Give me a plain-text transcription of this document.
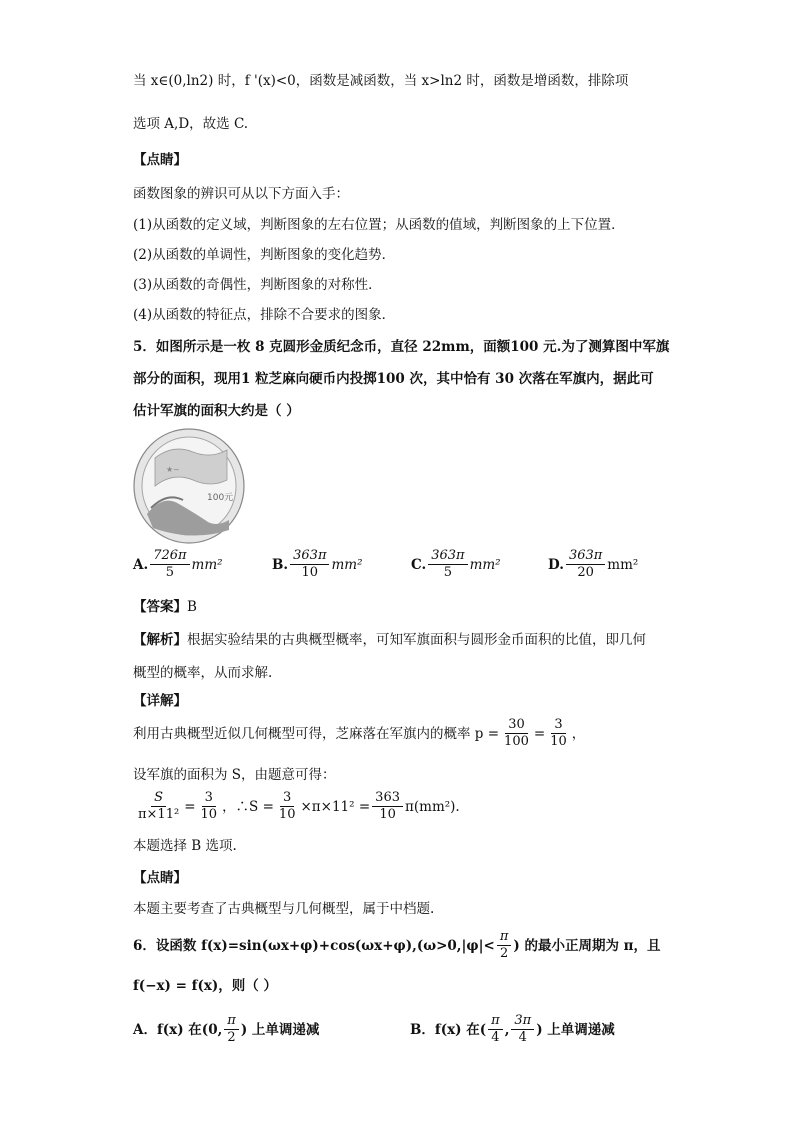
当 x∈(0,ln2) 时，f '(x)<0，函数是减函数，当 x>ln2 时，函数是增函数，排除项
选项 A,D，故选 C.
【点睛】
函数图象的辨识可从以下方面入手：
(1)从函数的定义域，判断图象的左右位置；从函数的值域，判断图象的上下位置．
(2)从函数的单调性，判断图象的变化趋势．
(3)从函数的奇偶性，判断图象的对称性．
(4)从函数的特征点，排除不合要求的图象．
5．如图所示是一枚 8 克圆形金质纪念币，直径 22mm，面额100 元.为了测算图中军旗
部分的面积，现用1 粒芝麻向硬币内投掷100 次，其中恰有 30 次落在军旗内，据此可
估计军旗的面积大约是（ ）
★~
100元
A. $\frac{726\pi}{5} mm^2$	B. $\frac{363\pi}{10} mm^2$	C. $\frac{363\pi}{5} mm^2$	D. $\frac{363\pi}{20} mm^2$
【答案】B
【解析】根据实验结果的古典概型概率，可知军旗面积与圆形金币面积的比值，即几何
概型的概率，从而求解.
【详解】
利用古典概型近似几何概型可得，芝麻落在军旗内的概率 $p = \frac{30}{100} = \frac{3}{10}$ ，
设军旗的面积为 S，由题意可得：
$\frac{S}{\text{π×11²}} = \frac{3}{10}$ ，∴S = $\frac{3}{10} \times\pi\times 11^2 = \frac{363}{10} \pi(mm^2)$.
本题选择 B 选项.
【点睛】
本题主要考查了古典概型与几何概型，属于中档题.
6．设函数 $f(x)=\sin(\omega x+\varphi)+\cos(\omega x+\varphi),(\omega>0,|\varphi|< \frac{\pi}{2}$ ) 的最小正周期为 π，且
f(−x) = f(x)，则（ ）
A．f(x) 在(0, $\frac{\pi}{2}$ ) 上单调递减	B．f(x) 在( $\frac{\pi}{4}$ , $\frac{3\pi}{4}$ ) 上单调递减
